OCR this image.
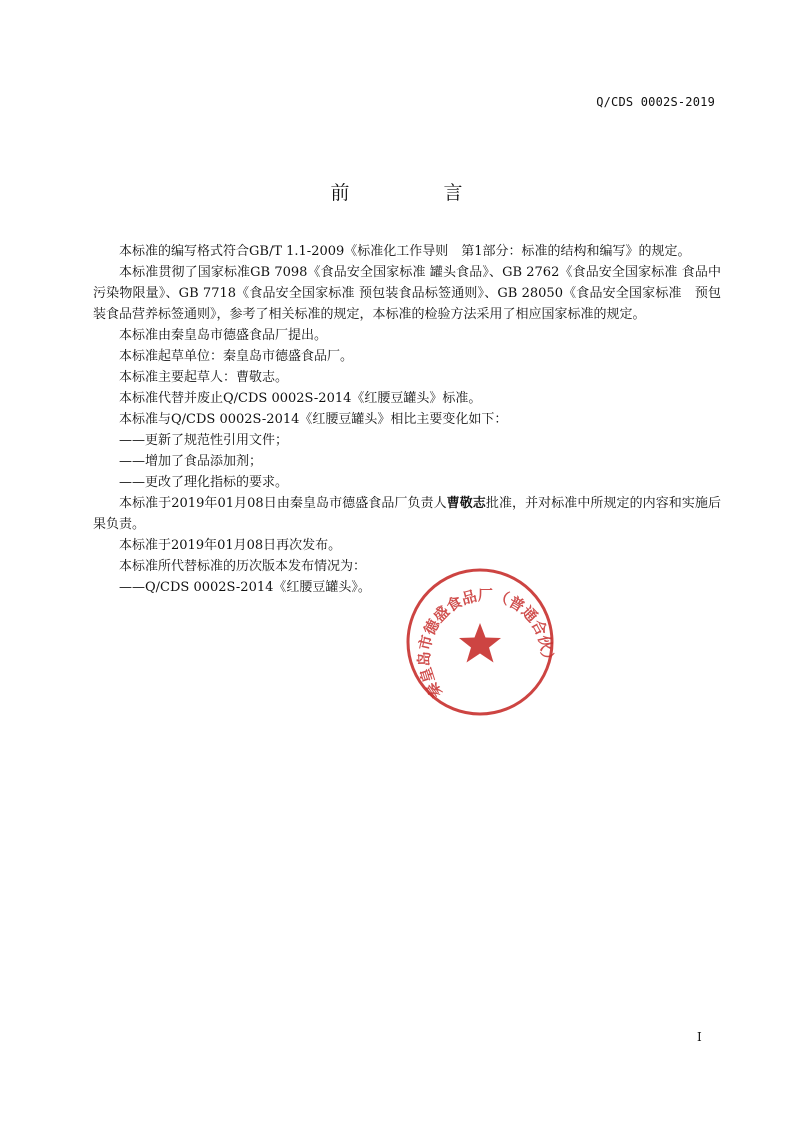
Q/CDS 0002S-2019
前 言

本标准的编写格式符合GB/T 1.1-2009《标准化工作导则　第1部分：标准的结构和编写》的规定。

本标准贯彻了国家标准GB 7098《食品安全国家标准 罐头食品》、GB 2762《食品安全国家标准 食品中污染物限量》、GB 7718《食品安全国家标准 预包装食品标签通则》、GB 28050《食品安全国家标准　预包装食品营养标签通则》，参考了相关标准的规定，本标准的检验方法采用了相应国家标准的规定。

本标准由秦皇岛市德盛食品厂提出。

本标准起草单位：秦皇岛市德盛食品厂。

本标准主要起草人：曹敬志。

本标准代替并废止Q/CDS 0002S-2014《红腰豆罐头》标准。

本标准与Q/CDS 0002S-2014《红腰豆罐头》相比主要变化如下：

——更新了规范性引用文件；

——增加了食品添加剂；

——更改了理化指标的要求。

本标准于2019年01月08日由秦皇岛市德盛食品厂负责人曹敬志批准，并对标准中所规定的内容和实施后果负责。

本标准于2019年01月08日再次发布。

本标准所代替标准的历次版本发布情况为：

——Q/CDS 0002S-2014《红腰豆罐头》。

秦皇岛市德盛食品厂（普通合伙）
I
